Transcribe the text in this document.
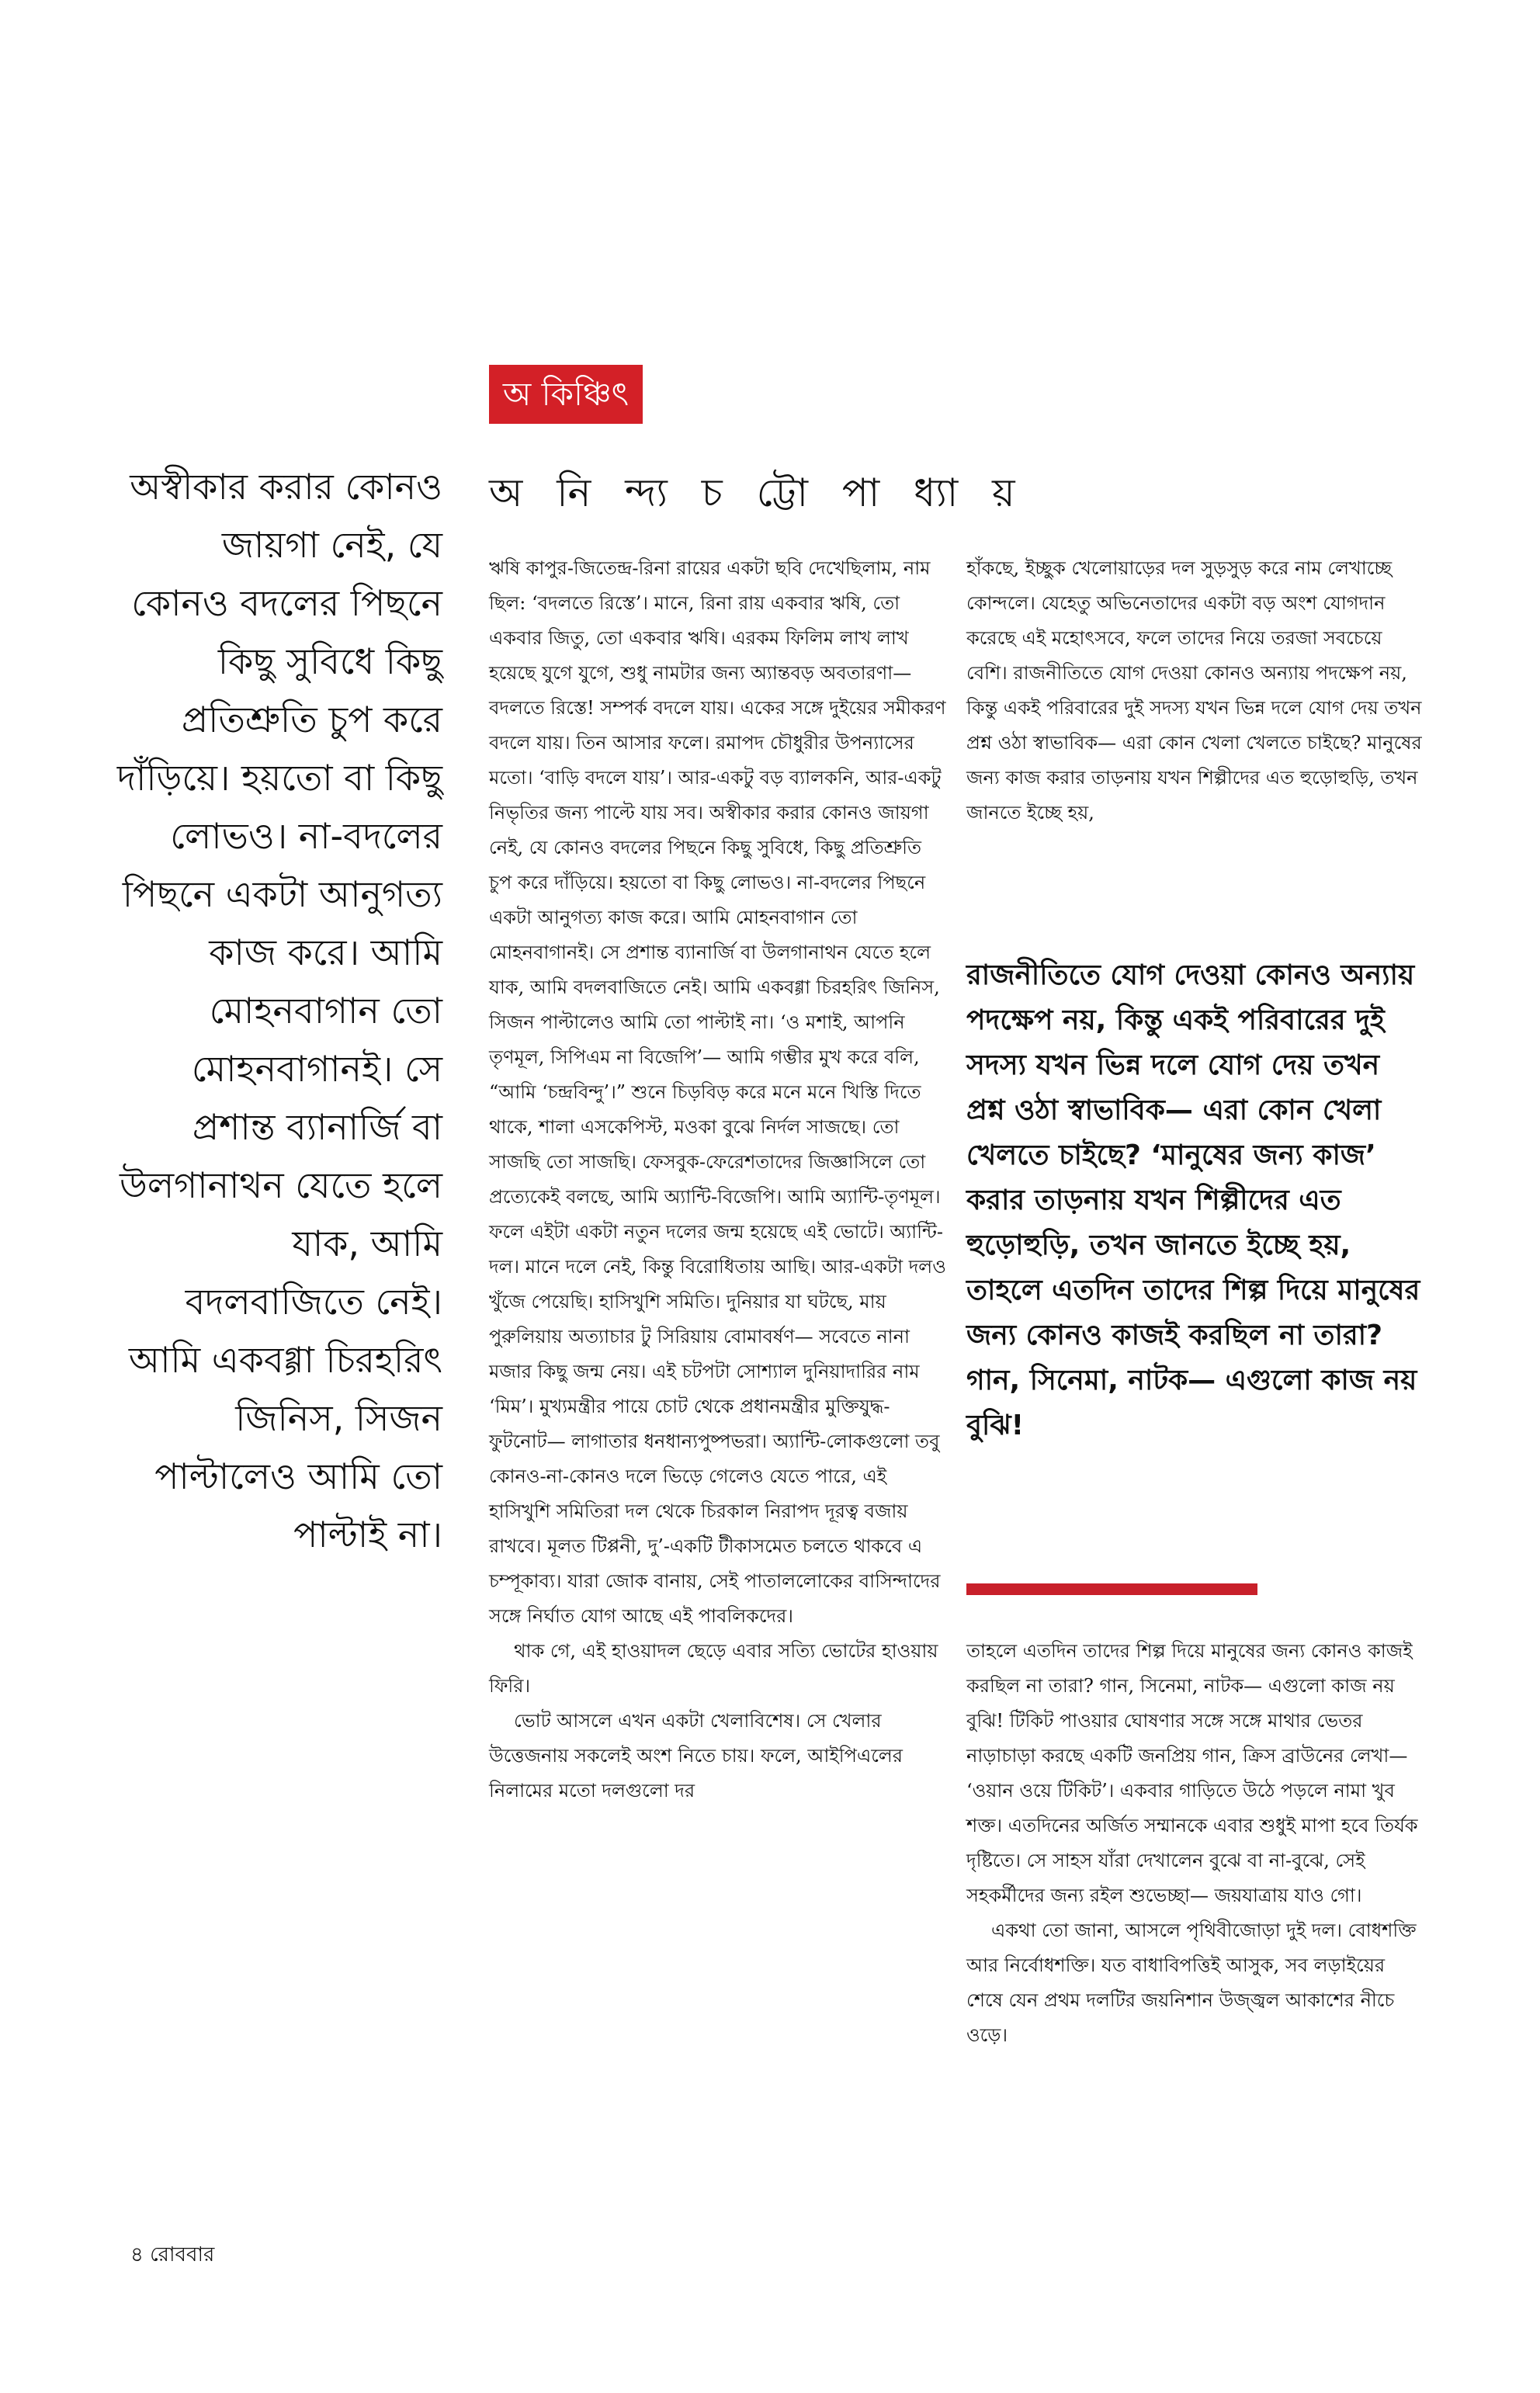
অ কিঞ্চিৎ
অ নি ন্দ্য চ ট্টো পা ধ্যা য়
অস্বীকার করার কোনও জায়গা নেই, যে কোনও বদলের পিছনে কিছু সুবিধে কিছু প্রতিশ্রুতি চুপ করে দাঁড়িয়ে। হয়তো বা কিছু লোভও। না-বদলের পিছনে একটা আনুগত্য কাজ করে। আমি মোহনবাগান তো মোহনবাগানই। সে প্রশান্ত ব্যানার্জি বা উলগানাথন যেতে হলে যাক, আমি বদলবাজিতে নেই। আমি একবগ্গা চিরহরিৎ জিনিস, সিজন পাল্টালেও আমি তো পাল্টাই না।

ঋষি কাপুর-জিতেন্দ্র-রিনা রায়ের একটা ছবি দেখেছিলাম, নাম ছিল: ‘বদলতে রিস্তে’। মানে, রিনা রায় একবার ঋষি, তো একবার জিতু, তো একবার ঋষি। এরকম ফিলিম লাখ লাখ হয়েছে যুগে যুগে, শুধু নামটার জন্য অ্যান্তবড় অবতারণা— বদলতে রিস্তে! সম্পর্ক বদলে যায়। একের সঙ্গে দুইয়ের সমীকরণ বদলে যায়। তিন আসার ফলে। রমাপদ চৌধুরীর উপন্যাসের মতো। ‘বাড়ি বদলে যায়’। আর-একটু বড় ব্যালকনি, আর-একটু নিভৃতির জন্য পাল্টে যায় সব। অস্বীকার করার কোনও জায়গা নেই, যে কোনও বদলের পিছনে কিছু সুবিধে, কিছু প্রতিশ্রুতি চুপ করে দাঁড়িয়ে। হয়তো বা কিছু লোভও। না-বদলের পিছনে একটা আনুগত্য কাজ করে। আমি মোহনবাগান তো মোহনবাগানই। সে প্রশান্ত ব্যানার্জি বা উলগানাথন যেতে হলে যাক, আমি বদলবাজিতে নেই। আমি একবগ্গা চিরহরিৎ জিনিস, সিজন পাল্টালেও আমি তো পাল্টাই না। ‘ও মশাই, আপনি তৃণমূল, সিপিএম না বিজেপি’— আমি গম্ভীর মুখ করে বলি, “আমি ‘চন্দ্রবিন্দু’।” শুনে চিড়বিড় করে মনে মনে খিস্তি দিতে থাকে, শালা এসকেপিস্ট, মওকা বুঝে নির্দল সাজছে। তো সাজছি তো সাজছি। ফেসবুক-ফেরেশতাদের জিজ্ঞাসিলে তো প্রত্যেকেই বলছে, আমি অ্যান্টি-বিজেপি। আমি অ্যান্টি-তৃণমূল। ফলে এইটা একটা নতুন দলের জন্ম হয়েছে এই ভোটে। অ্যান্টি-দল। মানে দলে নেই, কিন্তু বিরোধিতায় আছি। আর-একটা দলও খুঁজে পেয়েছি। হাসিখুশি সমিতি। দুনিয়ার যা ঘটছে, মায় পুরুলিয়ায় অত্যাচার টু সিরিয়ায় বোমাবর্ষণ— সবেতে নানা মজার কিছু জন্ম নেয়। এই চটপটা সোশ্যাল দুনিয়াদারির নাম ‘মিম’। মুখ্যমন্ত্রীর পায়ে চোট থেকে প্রধানমন্ত্রীর মুক্তিযুদ্ধ-ফুটনোট— লাগাতার ধনধান্যপুষ্পভরা। অ্যান্টি-লোকগুলো তবু কোনও-না-কোনও দলে ভিড়ে গেলেও যেতে পারে, এই হাসিখুশি সমিতিরা দল থেকে চিরকাল নিরাপদ দূরত্ব বজায় রাখবে। মূলত টিপ্পনী, দু’-একটি টীকাসমেত চলতে থাকবে এ চম্পূকাব্য। যারা জোক বানায়, সেই পাতাললোকের বাসিন্দাদের সঙ্গে নির্ঘাত যোগ আছে এই পাবলিকদের।

থাক গে, এই হাওয়াদল ছেড়ে এবার সত্যি ভোটের হাওয়ায় ফিরি।

ভোট আসলে এখন একটা খেলাবিশেষ। সে খেলার উত্তেজনায় সকলেই অংশ নিতে চায়। ফলে, আইপিএলের নিলামের মতো দলগুলো দর

হাঁকছে, ইচ্ছুক খেলোয়াড়ের দল সুড়সুড় করে নাম লেখাচ্ছে কোন্দলে। যেহেতু অভিনেতাদের একটা বড় অংশ যোগদান করেছে এই মহোৎসবে, ফলে তাদের নিয়ে তরজা সবচেয়ে বেশি। রাজনীতিতে যোগ দেওয়া কোনও অন্যায় পদক্ষেপ নয়, কিন্তু একই পরিবারের দুই সদস্য যখন ভিন্ন দলে যোগ দেয় তখন প্রশ্ন ওঠা স্বাভাবিক— এরা কোন খেলা খেলতে চাইছে? মানুষের জন্য কাজ করার তাড়নায় যখন শিল্পীদের এত হুড়োহুড়ি, তখন জানতে ইচ্ছে হয়,

রাজনীতিতে যোগ দেওয়া কোনও অন্যায় পদক্ষেপ নয়, কিন্তু একই পরিবারের দুই সদস্য যখন ভিন্ন দলে যোগ দেয় তখন প্রশ্ন ওঠা স্বাভাবিক— এরা কোন খেলা খেলতে চাইছে? ‘মানুষের জন্য কাজ’ করার তাড়নায় যখন শিল্পীদের এত হুড়োহুড়ি, তখন জানতে ইচ্ছে হয়, তাহলে এতদিন তাদের শিল্প দিয়ে মানুষের জন্য কোনও কাজই করছিল না তারা? গান, সিনেমা, নাটক— এগুলো কাজ নয় বুঝি!

তাহলে এতদিন তাদের শিল্প দিয়ে মানুষের জন্য কোনও কাজই করছিল না তারা? গান, সিনেমা, নাটক— এগুলো কাজ নয় বুঝি! টিকিট পাওয়ার ঘোষণার সঙ্গে সঙ্গে মাথার ভেতর নাড়াচাড়া করছে একটি জনপ্রিয় গান, ক্রিস ব্রাউনের লেখা— ‘ওয়ান ওয়ে টিকিট’। একবার গাড়িতে উঠে পড়লে নামা খুব শক্ত। এতদিনের অর্জিত সম্মানকে এবার শুধুই মাপা হবে তির্যক দৃষ্টিতে। সে সাহস যাঁরা দেখালেন বুঝে বা না-বুঝে, সেই সহকর্মীদের জন্য রইল শুভেচ্ছা— জয়যাত্রায় যাও গো।

একথা তো জানা, আসলে পৃথিবীজোড়া দুই দল। বোধশক্তি আর নির্বোধশক্তি। যত বাধাবিপত্তিই আসুক, সব লড়াইয়ের শেষে যেন প্রথম দলটির জয়নিশান উজ্জ্বল আকাশের নীচে ওড়ে।

৪ রোববার
